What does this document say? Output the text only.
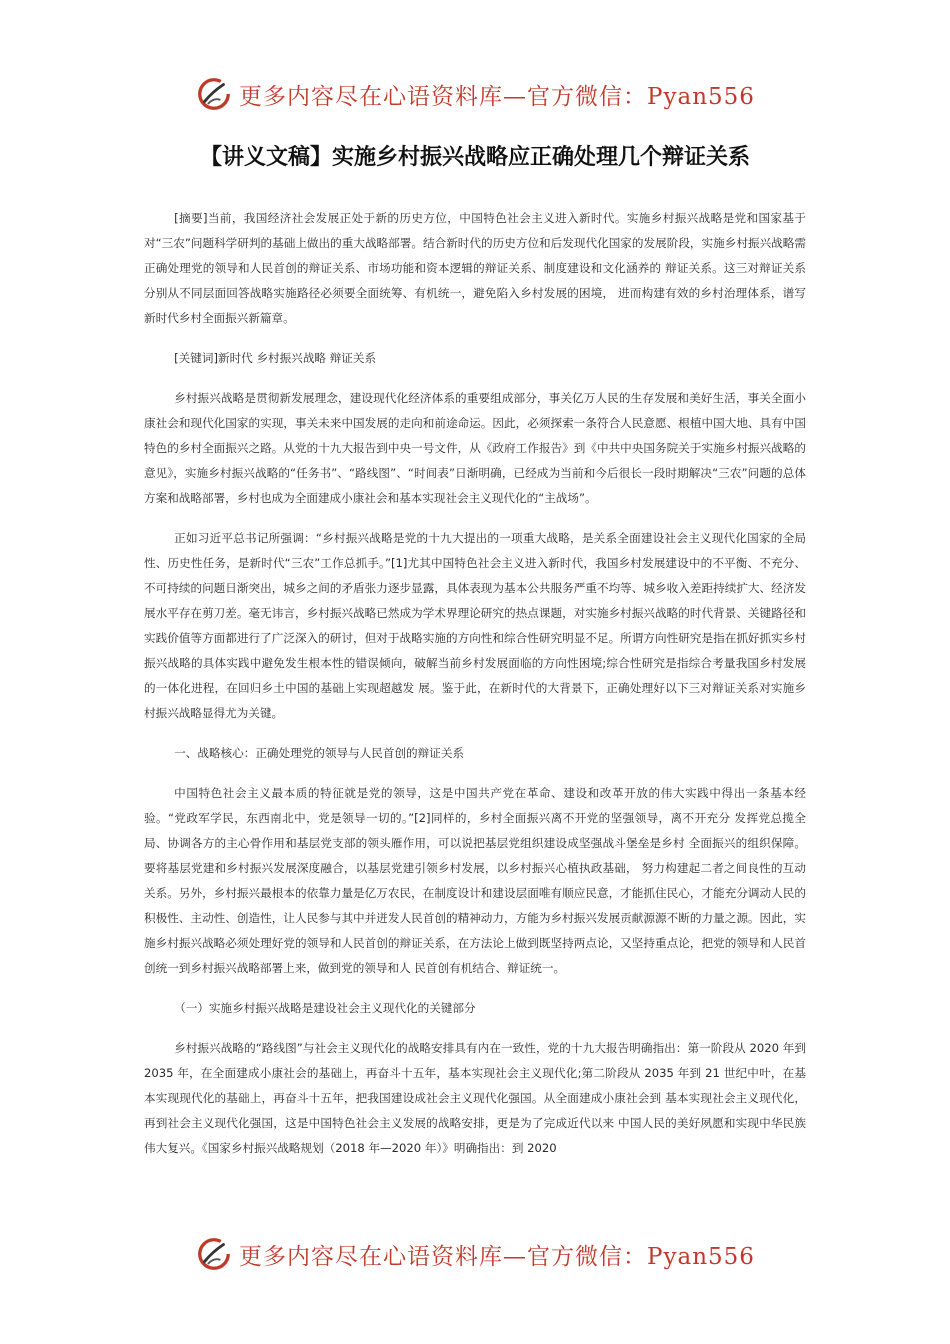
更多内容尽在心语资料库—官方微信：Pyan556
【讲义文稿】实施乡村振兴战略应正确处理几个辩证关系

[摘要]当前，我国经济社会发展正处于新的历史方位，中国特色社会主义进入新时代。实施乡村振兴战略是党和国家基于对“三农”问题科学研判的基础上做出的重大战略部署。结合新时代的历史方位和后发现代化国家的发展阶段，实施乡村振兴战略需正确处理党的领导和人民首创的辩证关系、市场功能和资本逻辑的辩证关系、制度建设和文化涵养的 辩证关系。这三对辩证关系分别从不同层面回答战略实施路径必须要全面统筹、有机统一，避免陷入乡村发展的困境， 进而构建有效的乡村治理体系，谱写新时代乡村全面振兴新篇章。

[关键词]新时代 乡村振兴战略 辩证关系

乡村振兴战略是贯彻新发展理念，建设现代化经济体系的重要组成部分，事关亿万人民的生存发展和美好生活，事关全面小康社会和现代化国家的实现，事关未来中国发展的走向和前途命运。因此，必须探索一条符合人民意愿、根植中国大地、具有中国特色的乡村全面振兴之路。从党的十九大报告到中央一号文件，从《政府工作报告》到《中共中央国务院关于实施乡村振兴战略的意见》，实施乡村振兴战略的“任务书”、“路线图”、“时间表”日渐明确，已经成为当前和今后很长一段时期解决“三农”问题的总体方案和战略部署，乡村也成为全面建成小康社会和基本实现社会主义现代化的“主战场”。

正如习近平总书记所强调：“乡村振兴战略是党的十九大提出的一项重大战略，是关系全面建设社会主义现代化国家的全局性、历史性任务，是新时代“三农”工作总抓手。”[1]尤其中国特色社会主义进入新时代，我国乡村发展建设中的不平衡、不充分、不可持续的问题日渐突出，城乡之间的矛盾张力逐步显露，具体表现为基本公共服务严重不均等、城乡收入差距持续扩大、经济发展水平存在剪刀差。毫无讳言，乡村振兴战略已然成为学术界理论研究的热点课题，对实施乡村振兴战略的时代背景、关键路径和实践价值等方面都进行了广泛深入的研讨，但对于战略实施的方向性和综合性研究明显不足。所谓方向性研究是指在抓好抓实乡村振兴战略的具体实践中避免发生根本性的错误倾向，破解当前乡村发展面临的方向性困境;综合性研究是指综合考量我国乡村发展的一体化进程，在回归乡土中国的基础上实现超越发 展。鉴于此，在新时代的大背景下，正确处理好以下三对辩证关系对实施乡村振兴战略显得尤为关键。

一、战略核心：正确处理党的领导与人民首创的辩证关系

中国特色社会主义最本质的特征就是党的领导，这是中国共产党在革命、建设和改革开放的伟大实践中得出一条基本经验。“党政军学民，东西南北中，党是领导一切的。”[2]同样的，乡村全面振兴离不开党的坚强领导，离不开充分 发挥党总揽全局、协调各方的主心骨作用和基层党支部的领头雁作用，可以说把基层党组织建设成坚强战斗堡垒是乡村 全面振兴的组织保障。要将基层党建和乡村振兴发展深度融合，以基层党建引领乡村发展，以乡村振兴心植执政基础， 努力构建起二者之间良性的互动关系。另外，乡村振兴最根本的依靠力量是亿万农民，在制度设计和建设层面唯有顺应民意，才能抓住民心，才能充分调动人民的积极性、主动性、创造性，让人民参与其中并迸发人民首创的精神动力，方能为乡村振兴发展贡献源源不断的力量之源。因此，实施乡村振兴战略必须处理好党的领导和人民首创的辩证关系，在方法论上做到既坚持两点论，又坚持重点论，把党的领导和人民首创统一到乡村振兴战略部署上来，做到党的领导和人 民首创有机结合、辩证统一。

（一）实施乡村振兴战略是建设社会主义现代化的关键部分

乡村振兴战略的“路线图”与社会主义现代化的战略安排具有内在一致性，党的十九大报告明确指出：第一阶段从 2020 年到 2035 年，在全面建成小康社会的基础上，再奋斗十五年，基本实现社会主义现代化;第二阶段从 2035 年到 21 世纪中叶，在基本实现现代化的基础上，再奋斗十五年，把我国建设成社会主义现代化强国。从全面建成小康社会到 基本实现社会主义现代化，再到社会主义现代化强国，这是中国特色社会主义发展的战略安排，更是为了完成近代以来 中国人民的美好夙愿和实现中华民族伟大复兴。《国家乡村振兴战略规划（2018 年—2020 年）》明确指出：到 2020

更多内容尽在心语资料库—官方微信：Pyan556
